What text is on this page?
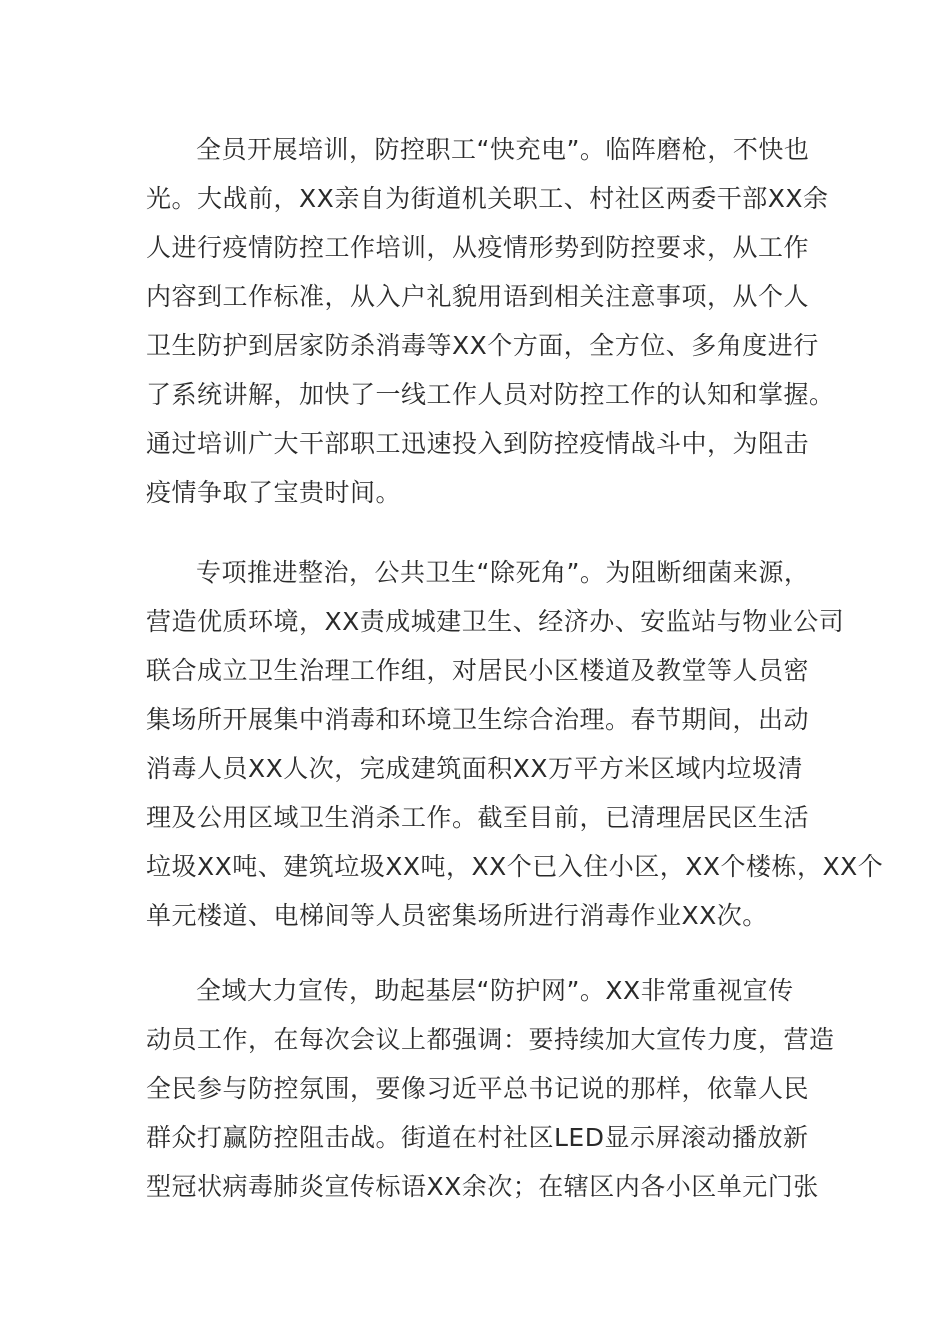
全员开展培训，防控职工“快充电”。临阵磨枪，不快也
光。大战前，XX亲自为街道机关职工、村社区两委干部XX余
人进行疫情防控工作培训，从疫情形势到防控要求，从工作
内容到工作标准，从入户礼貌用语到相关注意事项，从个人
卫生防护到居家防杀消毒等XX个方面，全方位、多角度进行
了系统讲解，加快了一线工作人员对防控工作的认知和掌握。
通过培训广大干部职工迅速投入到防控疫情战斗中，为阻击
疫情争取了宝贵时间。
专项推进整治，公共卫生“除死角”。为阻断细菌来源，
营造优质环境，XX责成城建卫生、经济办、安监站与物业公司
联合成立卫生治理工作组，对居民小区楼道及教堂等人员密
集场所开展集中消毒和环境卫生综合治理。春节期间，出动
消毒人员XX人次，完成建筑面积XX万平方米区域内垃圾清
理及公用区域卫生消杀工作。截至目前，已清理居民区生活
垃圾XX吨、建筑垃圾XX吨，XX个已入住小区，XX个楼栋，XX个
单元楼道、电梯间等人员密集场所进行消毒作业XX次。
全域大力宣传，助起基层“防护网”。XX非常重视宣传
动员工作，在每次会议上都强调：要持续加大宣传力度，营造
全民参与防控氛围，要像习近平总书记说的那样，依靠人民
群众打赢防控阻击战。街道在村社区LED显示屏滚动播放新
型冠状病毒肺炎宣传标语XX余次；在辖区内各小区单元门张
